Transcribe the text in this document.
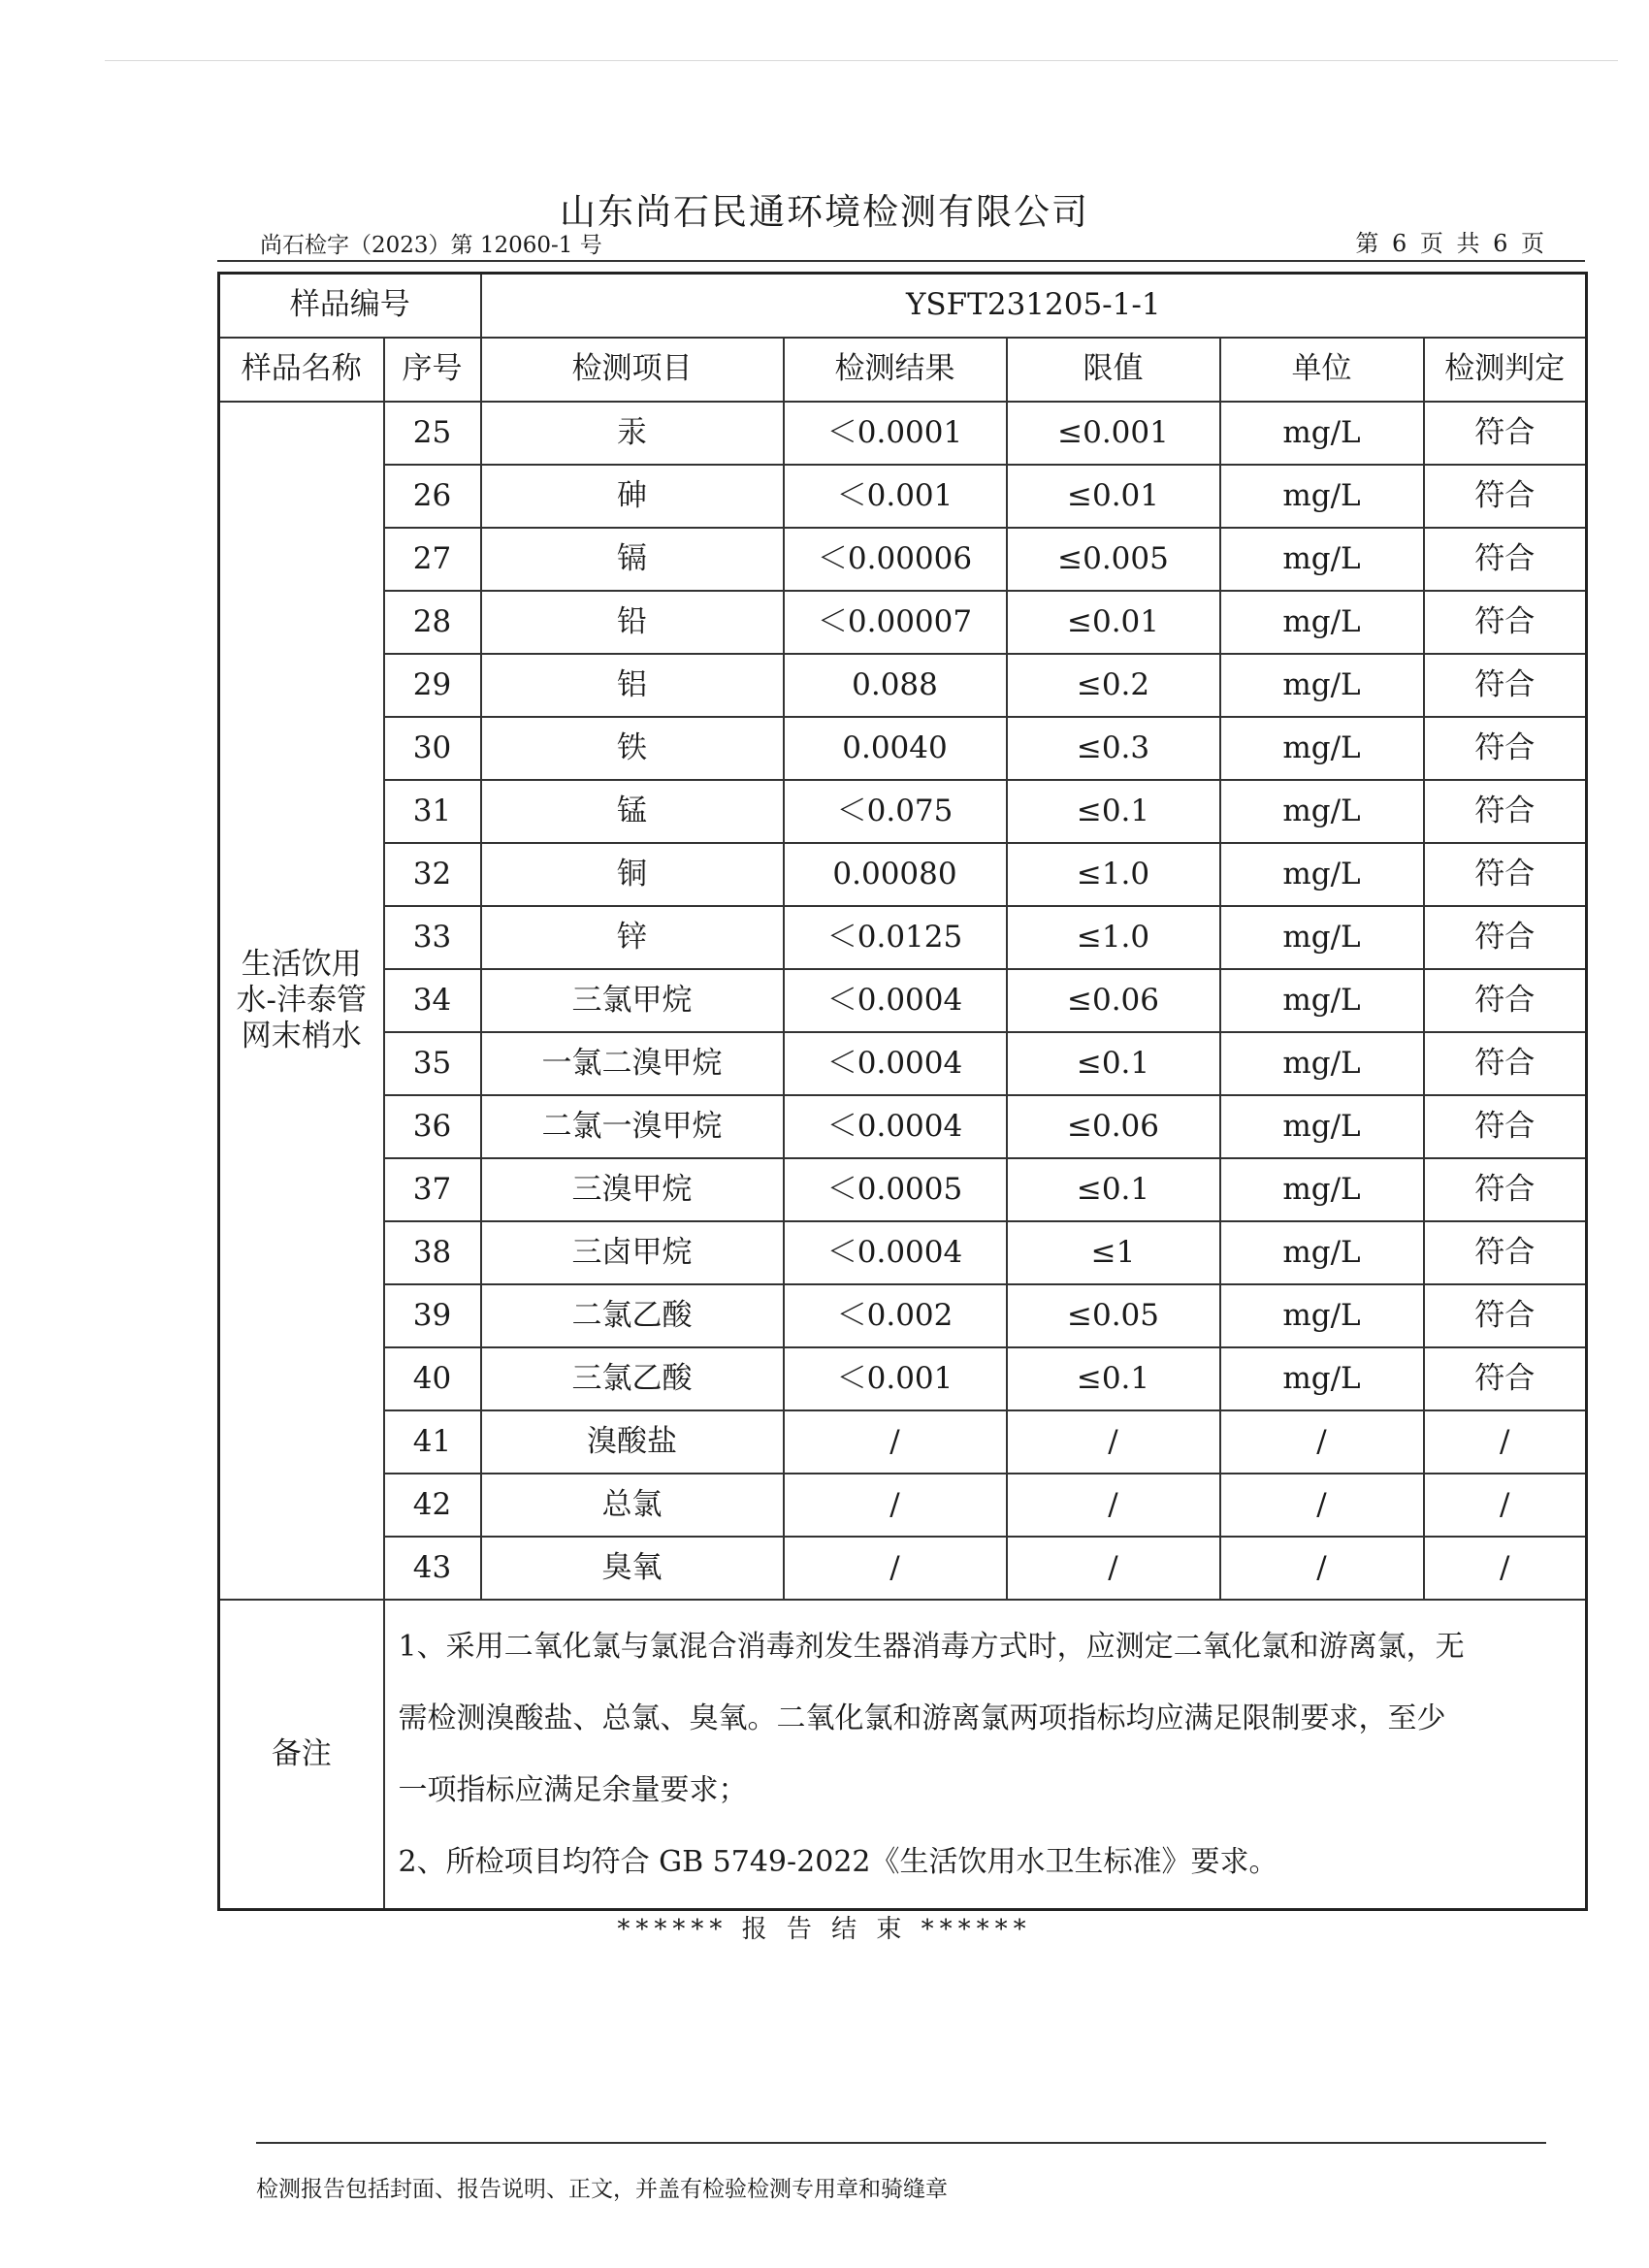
山东尚石民通环境检测有限公司
尚石检字（2023）第 12060-1 号	第 6 页 共 6 页
样品编号		YSFT231205-1-1				
样品名称	序号	检测项目	检测结果	限值	单位	检测判定
生活饮用水-沣泰管网末梢水	25	汞	＜0.0001	≤0.001	mg/L	符合
	26	砷	＜0.001	≤0.01	mg/L	符合
	27	镉	＜0.00006	≤0.005	mg/L	符合
	28	铅	＜0.00007	≤0.01	mg/L	符合
	29	铝	0.088	≤0.2	mg/L	符合
	30	铁	0.0040	≤0.3	mg/L	符合
	31	锰	＜0.075	≤0.1	mg/L	符合
	32	铜	0.00080	≤1.0	mg/L	符合
	33	锌	＜0.0125	≤1.0	mg/L	符合
	34	三氯甲烷	＜0.0004	≤0.06	mg/L	符合
	35	一氯二溴甲烷	＜0.0004	≤0.1	mg/L	符合
	36	二氯一溴甲烷	＜0.0004	≤0.06	mg/L	符合
	37	三溴甲烷	＜0.0005	≤0.1	mg/L	符合
	38	三卤甲烷	＜0.0004	≤1	mg/L	符合
	39	二氯乙酸	＜0.002	≤0.05	mg/L	符合
	40	三氯乙酸	＜0.001	≤0.1	mg/L	符合
	41	溴酸盐	/	/	/	/
	42	总氯	/	/	/	/
	43	臭氧	/	/	/	/
备注	1、采用二氧化氯与氯混合消毒剂发生器消毒方式时，应测定二氧化氯和游离氯，无
需检测溴酸盐、总氯、臭氧。二氧化氯和游离氯两项指标均应满足限制要求，至少
一项指标应满足余量要求；
2、所检项目均符合 GB 5749-2022《生活饮用水卫生标准》要求。					
****** 报 告 结 束 ******
检测报告包括封面、报告说明、正文，并盖有检验检测专用章和骑缝章
